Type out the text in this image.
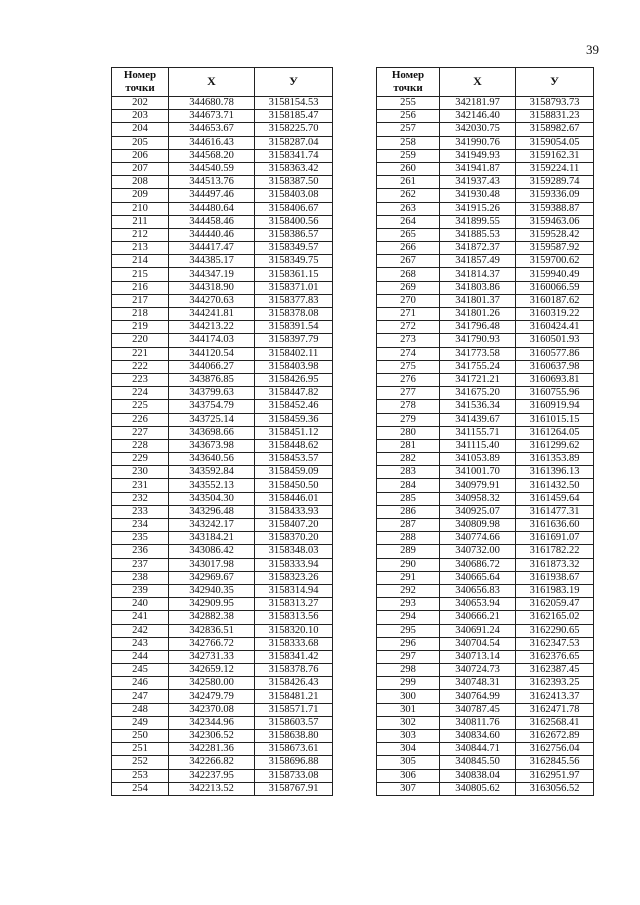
39
Номер
точки	X	У
202	344680.78	3158154.53
203	344673.71	3158185.47
204	344653.67	3158225.70
205	344616.43	3158287.04
206	344568.20	3158341.74
207	344540.59	3158363.42
208	344513.76	3158387.50
209	344497.46	3158403.08
210	344480.64	3158406.67
211	344458.46	3158400.56
212	344440.46	3158386.57
213	344417.47	3158349.57
214	344385.17	3158349.75
215	344347.19	3158361.15
216	344318.90	3158371.01
217	344270.63	3158377.83
218	344241.81	3158378.08
219	344213.22	3158391.54
220	344174.03	3158397.79
221	344120.54	3158402.11
222	344066.27	3158403.98
223	343876.85	3158426.95
224	343799.63	3158447.82
225	343754.79	3158452.46
226	343725.14	3158459.36
227	343698.66	3158451.12
228	343673.98	3158448.62
229	343640.56	3158453.57
230	343592.84	3158459.09
231	343552.13	3158450.50
232	343504.30	3158446.01
233	343296.48	3158433.93
234	343242.17	3158407.20
235	343184.21	3158370.20
236	343086.42	3158348.03
237	343017.98	3158333.94
238	342969.67	3158323.26
239	342940.35	3158314.94
240	342909.95	3158313.27
241	342882.38	3158313.56
242	342836.51	3158320.10
243	342766.72	3158333.68
244	342731.33	3158341.42
245	342659.12	3158378.76
246	342580.00	3158426.43
247	342479.79	3158481.21
248	342370.08	3158571.71
249	342344.96	3158603.57
250	342306.52	3158638.80
251	342281.36	3158673.61
252	342266.82	3158696.88
253	342237.95	3158733.08
254	342213.52	3158767.91
Номер
точки	X	У
255	342181.97	3158793.73
256	342146.40	3158831.23
257	342030.75	3158982.67
258	341990.76	3159054.05
259	341949.93	3159162.31
260	341941.87	3159224.11
261	341937.43	3159289.74
262	341930.48	3159336.09
263	341915.26	3159388.87
264	341899.55	3159463.06
265	341885.53	3159528.42
266	341872.37	3159587.92
267	341857.49	3159700.62
268	341814.37	3159940.49
269	341803.86	3160066.59
270	341801.37	3160187.62
271	341801.26	3160319.22
272	341796.48	3160424.41
273	341790.93	3160501.93
274	341773.58	3160577.86
275	341755.24	3160637.98
276	341721.21	3160693.81
277	341675.20	3160755.96
278	341536.34	3160919.94
279	341439.67	3161015.15
280	341155.71	3161264.05
281	341115.40	3161299.62
282	341053.89	3161353.89
283	341001.70	3161396.13
284	340979.91	3161432.50
285	340958.32	3161459.64
286	340925.07	3161477.31
287	340809.98	3161636.60
288	340774.66	3161691.07
289	340732.00	3161782.22
290	340686.72	3161873.32
291	340665.64	3161938.67
292	340656.83	3161983.19
293	340653.94	3162059.47
294	340666.21	3162165.02
295	340691.24	3162290.65
296	340704.54	3162347.53
297	340713.14	3162376.65
298	340724.73	3162387.45
299	340748.31	3162393.25
300	340764.99	3162413.37
301	340787.45	3162471.78
302	340811.76	3162568.41
303	340834.60	3162672.89
304	340844.71	3162756.04
305	340845.50	3162845.56
306	340838.04	3162951.97
307	340805.62	3163056.52
